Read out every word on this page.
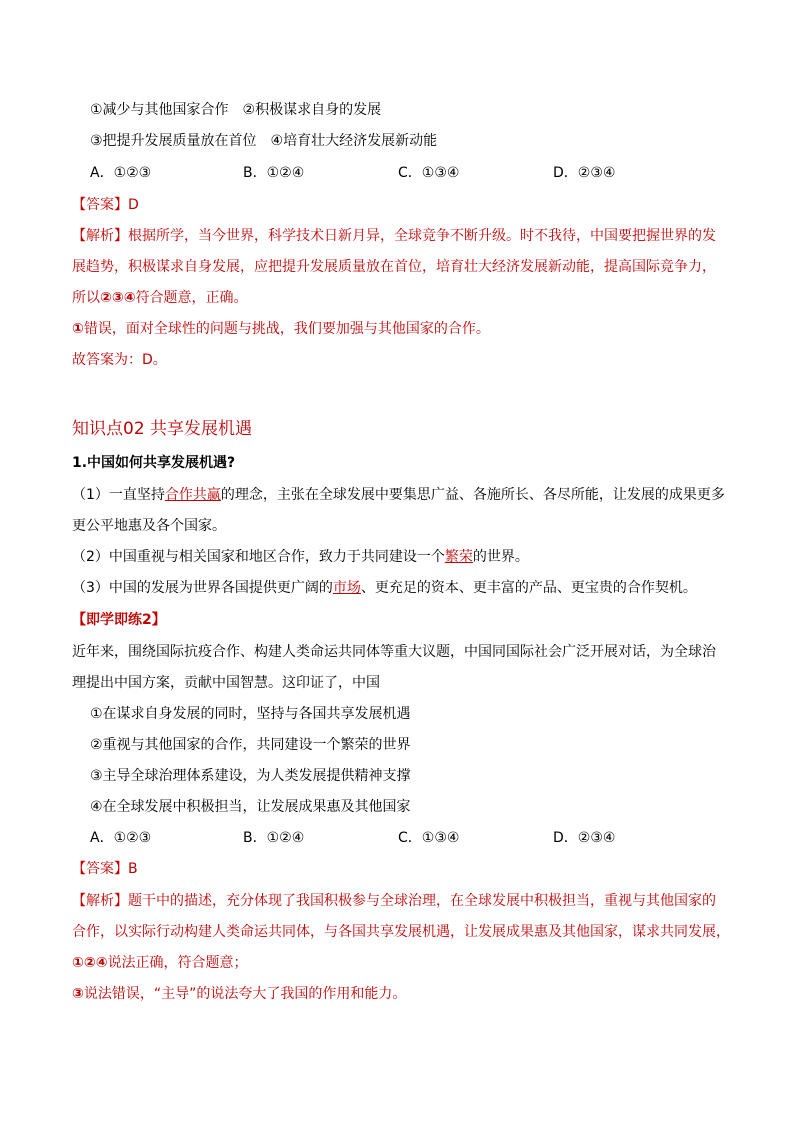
①减少与其他国家合作　②积极谋求自身的发展
③把提升发展质量放在首位　④培育壮大经济发展新动能
A．①②③	B．①②④	C．①③④	D．②③④
【答案】D
【解析】根据所学，当今世界，科学技术日新月异，全球竞争不断升级。时不我待，中国要把握世界的发
展趋势，积极谋求自身发展，应把提升发展质量放在首位，培育壮大经济发展新动能，提高国际竞争力，
所以②③④符合题意，正确。
①错误，面对全球性的问题与挑战，我们要加强与其他国家的合作。
故答案为：D。
知识点02 共享发展机遇
1.中国如何共享发展机遇?
（1）一直坚持合作共赢的理念，主张在全球发展中要集思广益、各施所长、各尽所能，让发展的成果更多
更公平地惠及各个国家。
（2）中国重视与相关国家和地区合作，致力于共同建设一个繁荣的世界。
（3）中国的发展为世界各国提供更广阔的市场、更充足的资本、更丰富的产品、更宝贵的合作契机。
【即学即练2】
近年来，围绕国际抗疫合作、构建人类命运共同体等重大议题，中国同国际社会广泛开展对话，为全球治
理提出中国方案，贡献中国智慧。这印证了，中国
①在谋求自身发展的同时，坚持与各国共享发展机遇
②重视与其他国家的合作，共同建设一个繁荣的世界
③主导全球治理体系建设，为人类发展提供精神支撑
④在全球发展中积极担当，让发展成果惠及其他国家
A．①②③	B．①②④	C．①③④	D．②③④
【答案】B
【解析】题干中的描述，充分体现了我国积极参与全球治理，在全球发展中积极担当，重视与其他国家的
合作，以实际行动构建人类命运共同体，与各国共享发展机遇，让发展成果惠及其他国家，谋求共同发展，
①②④说法正确，符合题意；
③说法错误，“主导”的说法夸大了我国的作用和能力。
